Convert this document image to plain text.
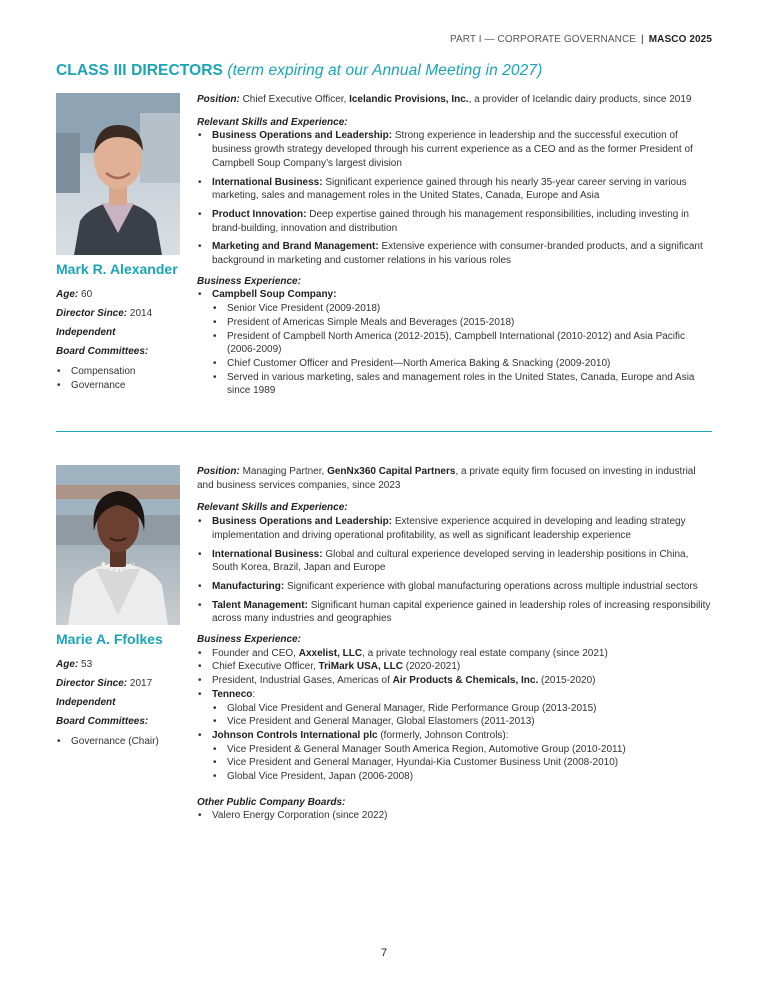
PART I — CORPORATE GOVERNANCE | MASCO 2025
CLASS III DIRECTORS (term expiring at our Annual Meeting in 2027)
Mark R. Alexander

Age: 60

Director Since: 2014

Independent

Board Committees:

• Compensation

• Governance

Position: Chief Executive Officer, Icelandic Provisions, Inc., a provider of Icelandic dairy products, since 2019
Relevant Skills and Experience:
• Business Operations and Leadership: Strong experience in leadership and the successful execution of business growth strategy developed through his current experience as a CEO and as the former President of Campbell Soup Company’s largest division
• International Business: Significant experience gained through his nearly 35-year career serving in various marketing, sales and management roles in the United States, Canada, Europe and Asia
• Product Innovation: Deep expertise gained through his management responsibilities, including investing in brand-building, innovation and distribution
• Marketing and Brand Management: Extensive experience with consumer-branded products, and a significant background in marketing and customer relations in his various roles
Business Experience:
• Campbell Soup Company:
• Senior Vice President (2009-2018)
• President of Americas Simple Meals and Beverages (2015-2018)
• President of Campbell North America (2012-2015), Campbell International (2010-2012) and Asia Pacific (2006-2009)
• Chief Customer Officer and President—North America Baking & Snacking (2009-2010)
• Served in various marketing, sales and management roles in the United States, Canada, Europe and Asia since 1989
Marie A. Ffolkes

Age: 53

Director Since: 2017

Independent

Board Committees:

• Governance (Chair)

Position: Managing Partner, GenNx360 Capital Partners, a private equity firm focused on investing in industrial and business services companies, since 2023
Relevant Skills and Experience:
• Business Operations and Leadership: Extensive experience acquired in developing and leading strategy implementation and driving operational profitability, as well as significant leadership experience
• International Business: Global and cultural experience developed serving in leadership positions in China, South Korea, Brazil, Japan and Europe
• Manufacturing: Significant experience with global manufacturing operations across multiple industrial sectors
• Talent Management: Significant human capital experience gained in leadership roles of increasing responsibility across many industries and geographies
Business Experience:
• Founder and CEO, Axxelist, LLC, a private technology real estate company (since 2021)
• Chief Executive Officer, TriMark USA, LLC (2020-2021)
• President, Industrial Gases, Americas of Air Products & Chemicals, Inc. (2015-2020)
• Tenneco:
• Global Vice President and General Manager, Ride Performance Group (2013-2015)
• Vice President and General Manager, Global Elastomers (2011-2013)
• Johnson Controls International plc (formerly, Johnson Controls):
• Vice President & General Manager South America Region, Automotive Group (2010-2011)
• Vice President and General Manager, Hyundai-Kia Customer Business Unit (2008-2010)
• Global Vice President, Japan (2006-2008)
Other Public Company Boards:
• Valero Energy Corporation (since 2022)
7
